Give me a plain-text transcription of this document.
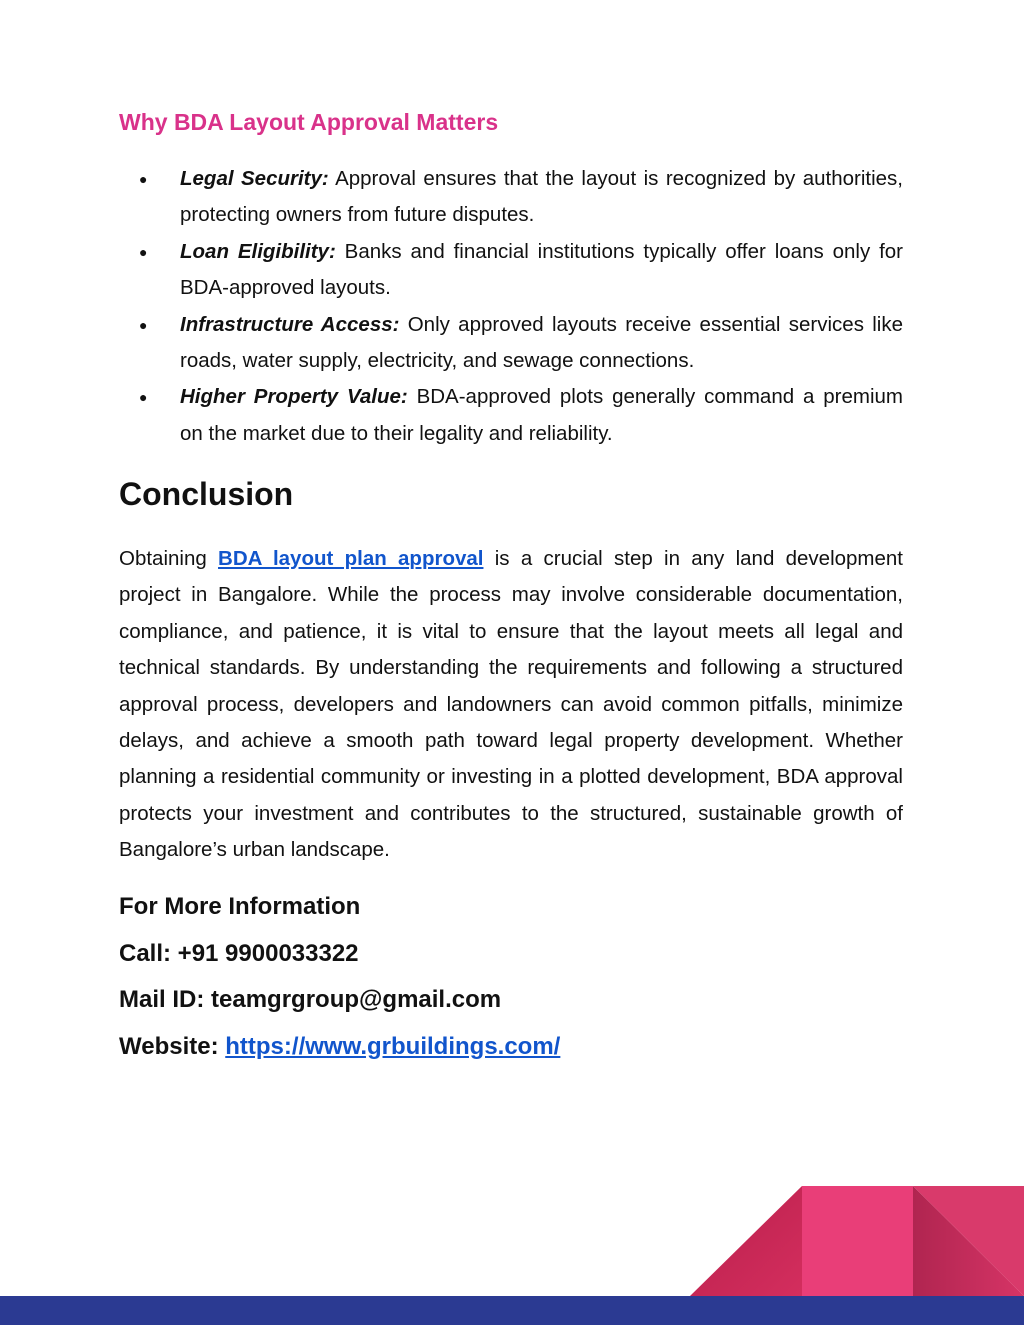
Why BDA Layout Approval Matters
● Legal Security: Approval ensures that the layout is recognized by authorities, protecting owners from future disputes.
● Loan Eligibility: Banks and financial institutions typically offer loans only for BDA-approved layouts.
● Infrastructure Access: Only approved layouts receive essential services like roads, water supply, electricity, and sewage connections.
● Higher Property Value: BDA-approved plots generally command a premium on the market due to their legality and reliability.
Conclusion

Obtaining BDA layout plan approval is a crucial step in any land development project in Bangalore. While the process may involve considerable documentation, compliance, and patience, it is vital to ensure that the layout meets all legal and technical standards. By understanding the requirements and following a structured approval process, developers and landowners can avoid common pitfalls, minimize delays, and achieve a smooth path toward legal property development. Whether planning a residential community or investing in a plotted development, BDA approval protects your investment and contributes to the structured, sustainable growth of Bangalore’s urban landscape.

For More Information
Call: +91 9900033322
Mail ID: teamgrgroup@gmail.com
Website: https://www.grbuildings.com/
